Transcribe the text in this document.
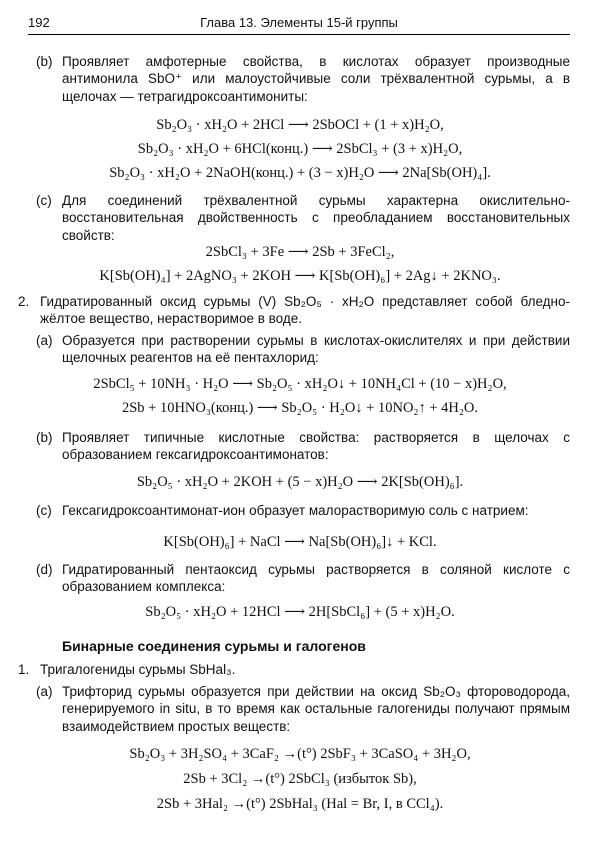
192	Глава 13. Элементы 15-й группы
(b) Проявляет амфотерные свойства, в кислотах образует производные антимонила SbO⁺ или малоустойчивые соли трёхвалентной сурьмы, а в щелочах — тетрагидроксоантимониты:
Sb₂O₃ · xH₂O + 2HCl ⟶ 2SbOCl + (1 + x)H₂O,
Sb₂O₃ · xH₂O + 6HCl(конц.) ⟶ 2SbCl₃ + (3 + x)H₂O,
Sb₂O₃ · xH₂O + 2NaOH(конц.) + (3 − x)H₂O ⟶ 2Na[Sb(OH)₄].
(c) Для соединений трёхвалентной сурьмы характерна окислительно-восстановительная двойственность с преобладанием восстановительных свойств:
2SbCl₃ + 3Fe ⟶ 2Sb + 3FeCl₂,
K[Sb(OH)₄] + 2AgNO₃ + 2KOH ⟶ K[Sb(OH)₆] + 2Ag↓ + 2KNO₃.
2. Гидратированный оксид сурьмы (V) Sb₂O₅ · xH₂O представляет собой бледно-жёлтое вещество, нерастворимое в воде.
(a) Образуется при растворении сурьмы в кислотах-окислителях и при действии щелочных реагентов на её пентахлорид:
2SbCl₅ + 10NH₃ · H₂O ⟶ Sb₂O₅ · xH₂O↓ + 10NH₄Cl + (10 − x)H₂O,
2Sb + 10HNO₃(конц.) ⟶ Sb₂O₅ · H₂O↓ + 10NO₂↑ + 4H₂O.
(b) Проявляет типичные кислотные свойства: растворяется в щелочах с образованием гексагидроксоантимонатов:
Sb₂O₅ · xH₂O + 2KOH + (5 − x)H₂O ⟶ 2K[Sb(OH)₆].
(c) Гексагидроксоантимонат-ион образует малорастворимую соль с натрием:
K[Sb(OH)₆] + NaCl ⟶ Na[Sb(OH)₆]↓ + KCl.
(d) Гидратированный пентаоксид сурьмы растворяется в соляной кислоте с образованием комплекса:
Sb₂O₅ · xH₂O + 12HCl ⟶ 2H[SbCl₆] + (5 + x)H₂O.
Бинарные соединения сурьмы и галогенов
1. Тригалогениды сурьмы SbHal₃.
(a) Трифторид сурьмы образуется при действии на оксид Sb₂O₃ фтороводорода, генерируемого in situ, в то время как остальные галогениды получают прямым взаимодействием простых веществ:
Sb₂O₃ + 3H₂SO₄ + 3CaF₂ →(t°) 2SbF₃ + 3CaSO₄ + 3H₂O,
2Sb + 3Cl₂ →(t°) 2SbCl₃ (избыток Sb),
2Sb + 3Hal₂ →(t°) 2SbHal₃ (Hal = Br, I, в CCl₄).
